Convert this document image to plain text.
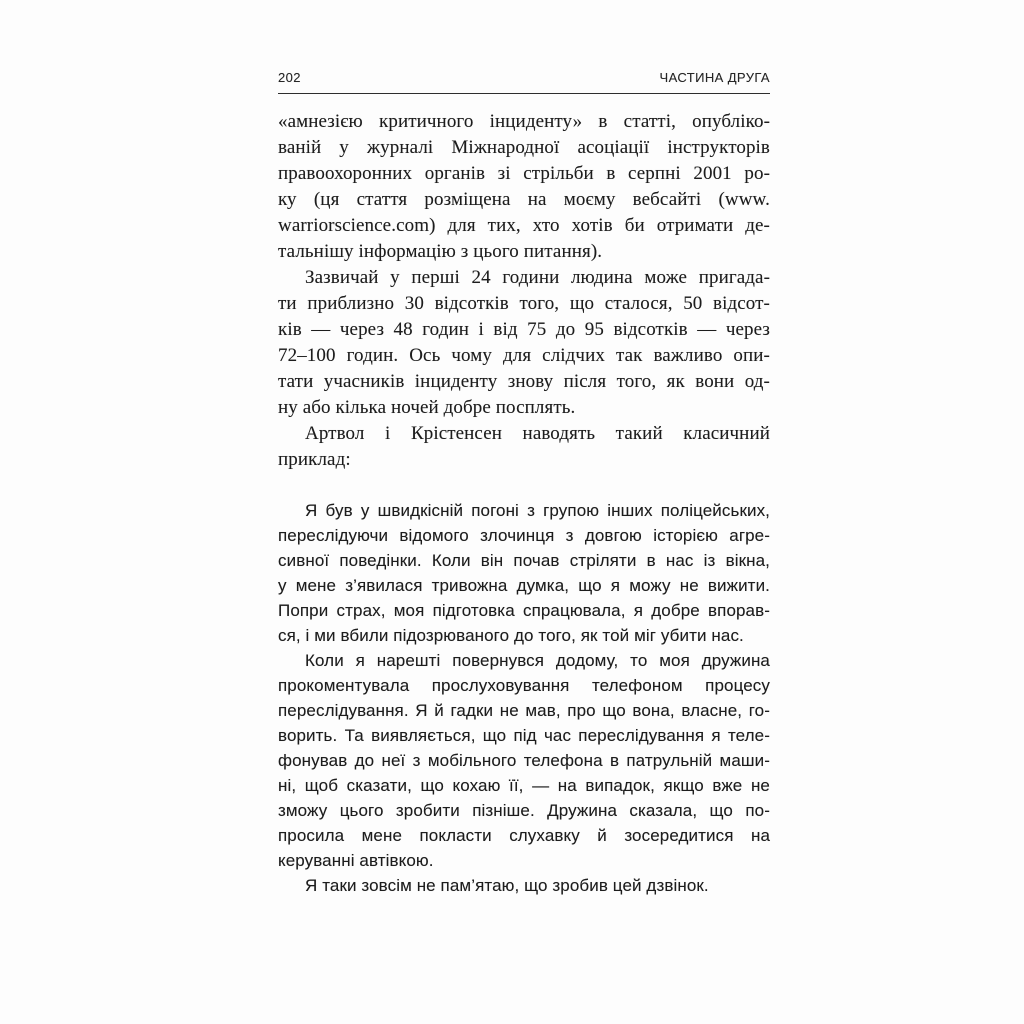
202	ЧАСТИНА ДРУГА
«амнезією критичного інциденту» в статті, опубліко-
ваній у журналі Міжнародної асоціації інструкторів
правоохоронних органів зі стрільби в серпні 2001 ро-
ку (ця стаття розміщена на моєму вебсайті (www.
warriorscience.com) для тих, хто хотів би отримати де-
тальнішу інформацію з цього питання).
Зазвичай у перші 24 години людина може пригада-
ти приблизно 30 відсотків того, що сталося, 50 відсот-
ків — через 48 годин і від 75 до 95 відсотків — через
72–100 годин. Ось чому для слідчих так важливо опи-
тати учасників інциденту знову після того, як вони од-
ну або кілька ночей добре посплять.
Артвол і Крістенсен наводять такий класичний
приклад:
Я був у швидкісній погоні з групою інших поліцейських,
переслідуючи відомого злочинця з довгою історією агре-
сивної поведінки. Коли він почав стріляти в нас із вікна,
у мене з’явилася тривожна думка, що я можу не вижити.
Попри страх, моя підготовка спрацювала, я добре впорав-
ся, і ми вбили підозрюваного до того, як той міг убити нас.
Коли я нарешті повернувся додому, то моя дружина
прокоментувала прослуховування телефоном процесу
переслідування. Я й гадки не мав, про що вона, власне, го-
ворить. Та виявляється, що під час переслідування я теле-
фонував до неї з мобільного телефона в патрульній маши-
ні, щоб сказати, що кохаю її, — на випадок, якщо вже не
зможу цього зробити пізніше. Дружина сказала, що по-
просила мене покласти слухавку й зосередитися на
керуванні автівкою.
Я таки зовсім не пам’ятаю, що зробив цей дзвінок.
